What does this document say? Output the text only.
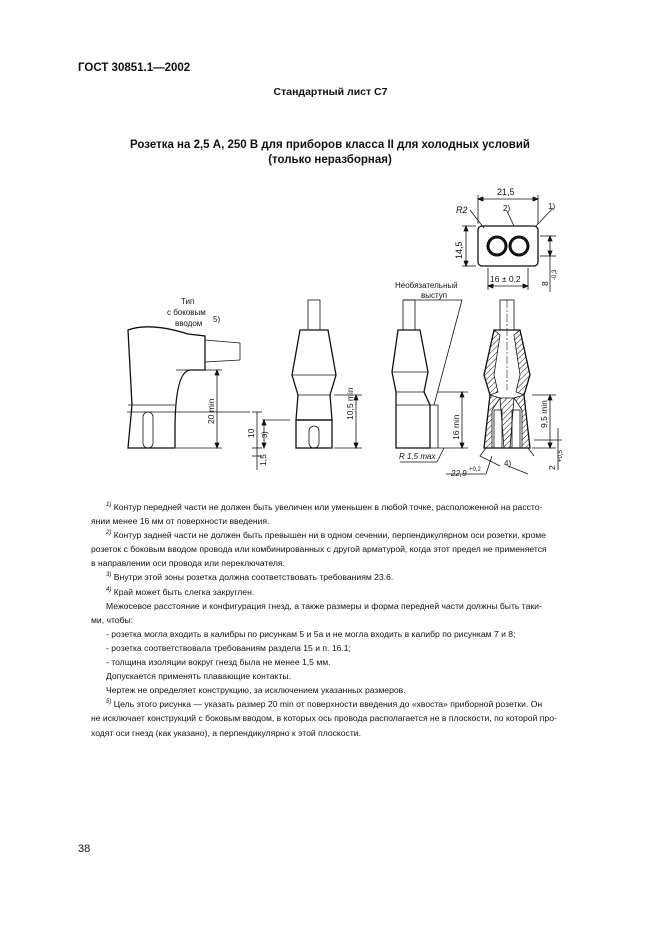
ГОСТ 30851.1—2002
Стандартный лист С7
Розетка на 2,5 А, 250 В для приборов класса II для холодных условий
(только неразборная)
21,5
R2	2)	1)
14,5
16 ± 0,2 8
-0,3
Тип
с боковым
вводом 5)
20 min
10 3)
1,5
10,5 min
Необязательный
выступ
16 min
R 1,5 max
9,5 min
22,9 +0,2
4)	2
+0,5

$^{1)}$ Контур передней части не должен быть увеличен или уменьшен в любой точке, расположенной на рассто-

янии менее 16 мм от поверхности введения.

$^{2)}$ Контур задней части не должен быть превышен ни в одном сечении, перпендикулярном оси розетки, кроме

розеток с боковым вводом провода или комбинированных с другой арматурой, когда этот предел не применяется

в направлении оси провода или переключателя.

$^{3)}$ Внутри этой зоны розетка должна соответствовать требованиям 23.6.

$^{4)}$ Край может быть слегка закруглен.

Межосевое расстояние и конфигурация гнезд, а также размеры и форма передней части должны быть таки-

ми, чтобы:

- розетка могла входить в калибры по рисункам 5 и 5а и не могла входить в калибр по рисункам 7 и 8;

- розетка соответствовала требованиям раздела 15 и п. 16.1;

- толщина изоляции вокруг гнезд была не менее 1,5 мм.

Допускается применять плавающие контакты.

Чертеж не определяет конструкцию, за исключением указанных размеров.

$^{5)}$ Цель этого рисунка — указать размер 20 min от поверхности введения до «хвоста» приборной розетки. Он

не исключает конструкций с боковым вводом, в которых ось провода располагается не в плоскости, по которой про-

ходят оси гнезд (как указано), а перпендикулярно к этой плоскости.

38
